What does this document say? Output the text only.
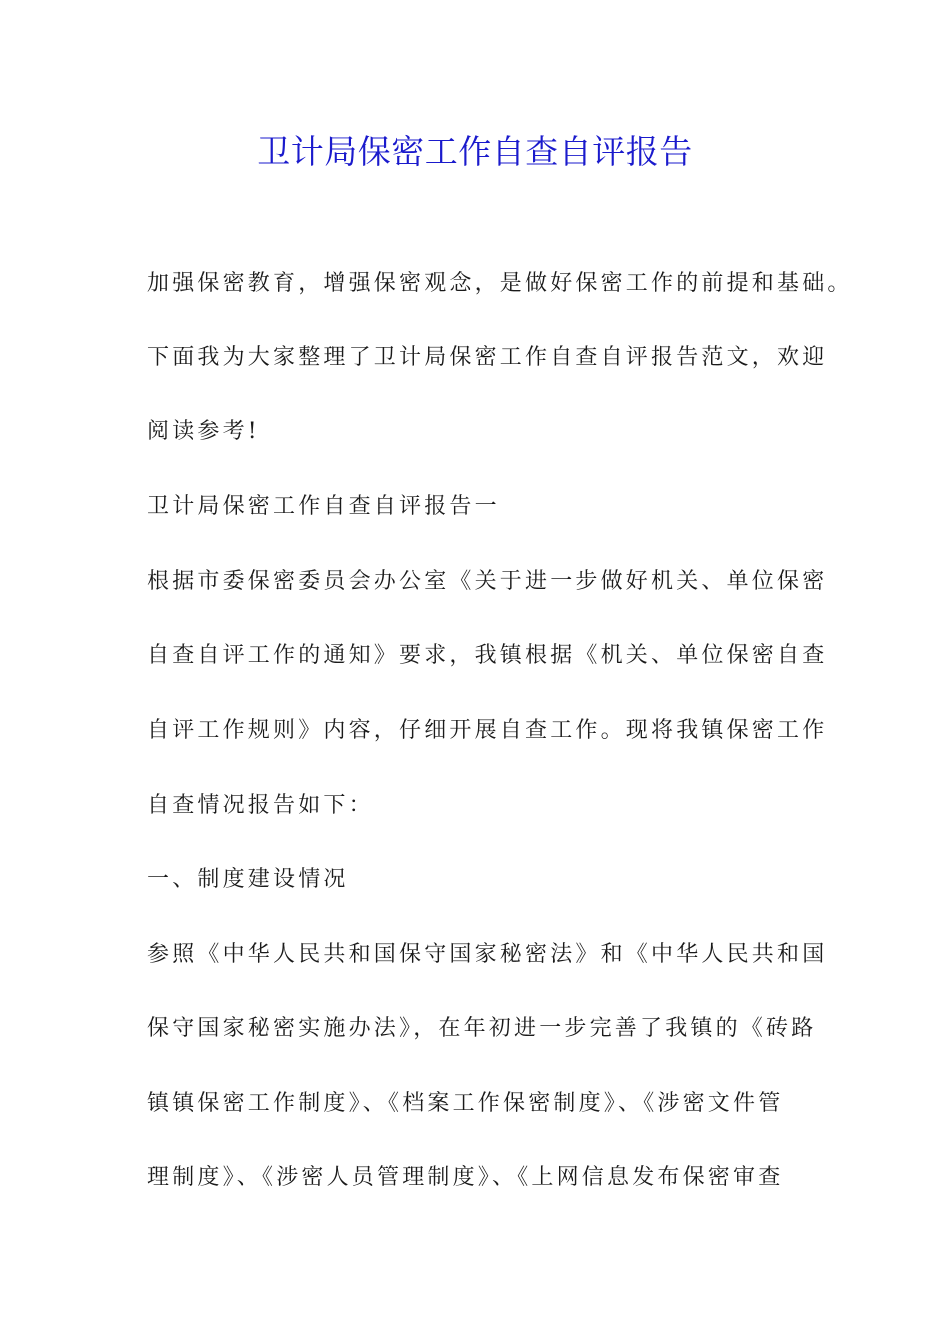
卫计局保密工作自查自评报告

加强保密教育，增强保密观念，是做好保密工作的前提和基础。

下面我为大家整理了卫计局保密工作自查自评报告范文，欢迎

阅读参考!

卫计局保密工作自查自评报告一

根据市委保密委员会办公室《关于进一步做好机关、单位保密

自查自评工作的通知》要求，我镇根据《机关、单位保密自查

自评工作规则》内容，仔细开展自查工作。现将我镇保密工作

自查情况报告如下：

一、制度建设情况

参照《中华人民共和国保守国家秘密法》和《中华人民共和国

保守国家秘密实施办法》，在年初进一步完善了我镇的《砖路

镇镇保密工作制度》、《档案工作保密制度》、《涉密文件管

理制度》、《涉密人员管理制度》、《上网信息发布保密审查
